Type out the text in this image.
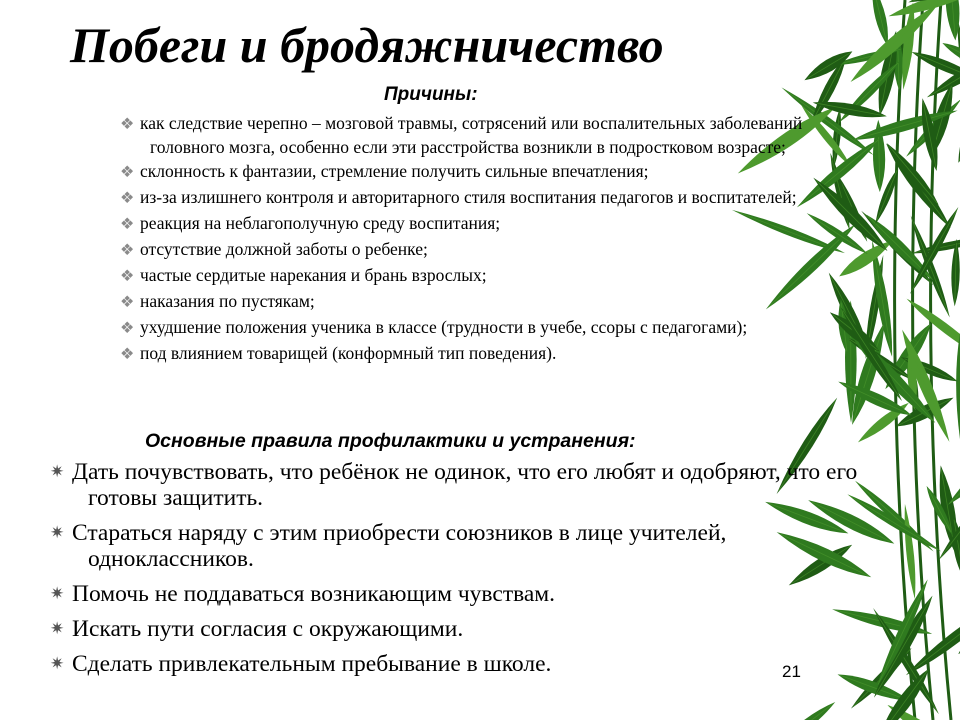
Побеги и бродяжничество
Причины:
❖ как следствие черепно – мозговой травмы, сотрясений или воспалительных заболеваний головного мозга, особенно если эти расстройства возникли в подростковом возрасте;
❖ склонность к фантазии, стремление получить сильные впечатления;
❖ из-за излишнего контроля и авторитарного стиля воспитания педагогов и воспитателей;
❖ реакция на неблагополучную среду воспитания;
❖ отсутствие должной заботы о ребенке;
❖ частые сердитые нарекания и брань взрослых;
❖ наказания по пустякам;
❖ ухудшение положения ученика в классе (трудности в учебе, ссоры с педагогами);
❖ под влиянием товарищей (конформный тип поведения).
Основные правила профилактики и устранения:
✷ Дать почувствовать, что ребёнок не одинок, что его любят и одобряют, что его готовы защитить.
✷ Стараться наряду с этим приобрести союзников в лице учителей, одноклассников.
✷ Помочь не поддаваться возникающим чувствам.
✷ Искать пути согласия с окружающими.
✷ Сделать привлекательным пребывание в школе.	21
